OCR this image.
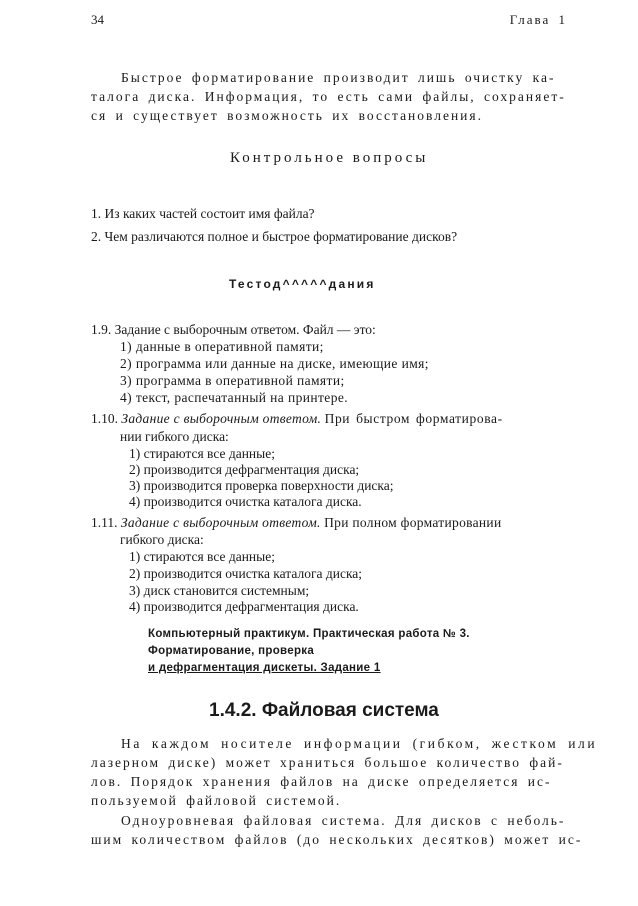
34	Глава 1
Быстрое форматирование производит лишь очистку ка-
талога диска. Информация, то есть сами файлы, сохраняет-
ся и существует возможность их восстановления.
Контрольное вопросы
1. Из каких частей состоит имя файла?
2. Чем различаются полное и быстрое форматирование дисков?
Тестод^^^^^дания
1.9. Задание с выборочным ответом. Файл — это:
1) данные в оперативной памяти;
2) программа или данные на диске, имеющие имя;
3) программа в оперативной памяти;
4) текст, распечатанный на принтере.
1.10. Задание с выборочным ответом. При быстром форматирова-
нии гибкого диска:
1) стираются все данные;
2) производится дефрагментация диска;
3) производится проверка поверхности диска;
4) производится очистка каталога диска.
1.11. Задание с выборочным ответом. При полном форматировании
гибкого диска:
1) стираются все данные;
2) производится очистка каталога диска;
3) диск становится системным;
4) производится дефрагментация диска.
Компьютерный практикум. Практическая работа № 3.
Форматирование, проверка
и дефрагментация дискеты. Задание 1
1.4.2. Файловая система
На каждом носителе информации (гибком, жестком или
лазерном диске) может храниться большое количество фай-
лов. Порядок хранения файлов на диске определяется ис-
пользуемой файловой системой.
Одноуровневая файловая система. Для дисков с неболь-
шим количеством файлов (до нескольких десятков) может ис-
